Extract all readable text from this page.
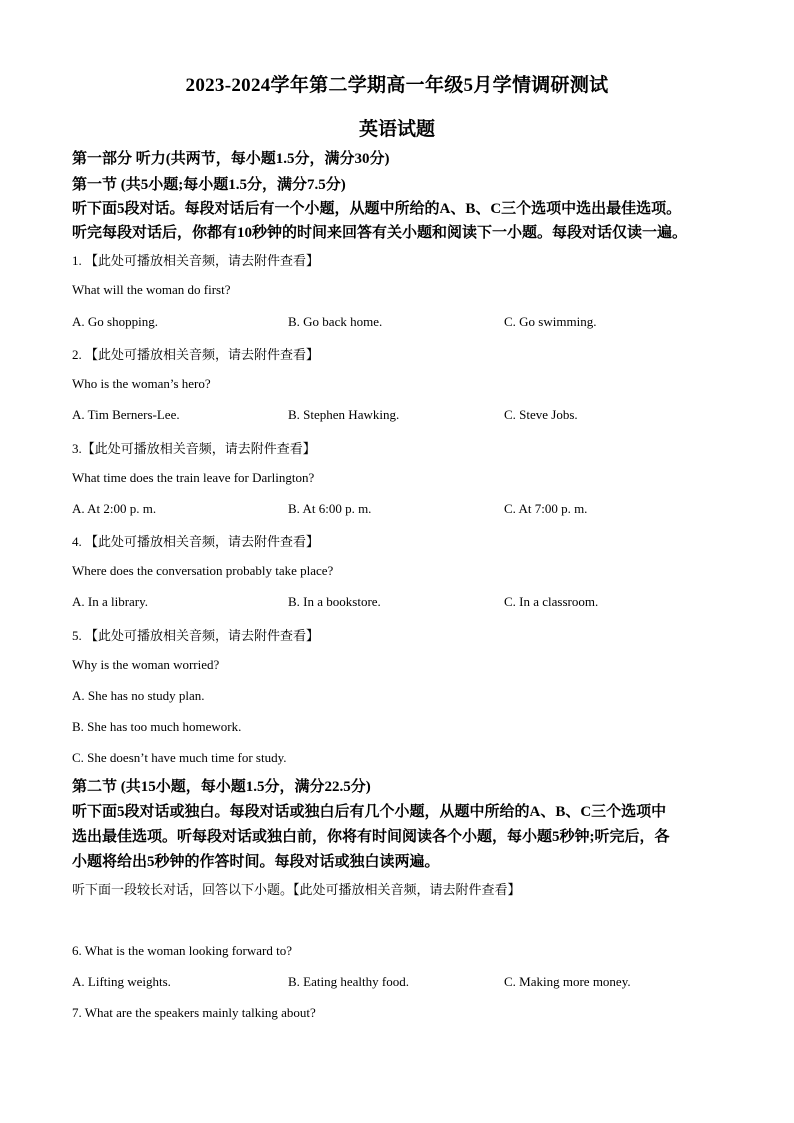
2023-2024学年第二学期高一年级5月学情调研测试
英语试题
第一部分 听力(共两节，每小题1.5分，满分30分)
第一节 (共5小题;每小题1.5分，满分7.5分)
听下面5段对话。每段对话后有一个小题，从题中所给的A、B、C三个选项中选出最佳选项。
听完每段对话后，你都有10秒钟的时间来回答有关小题和阅读下一小题。每段对话仅读一遍。
1. 【此处可播放相关音频，请去附件查看】
What will the woman do first?
A. Go shopping.	B. Go back home.	C. Go swimming.
2. 【此处可播放相关音频，请去附件查看】
Who is the woman’s hero?
A. Tim Berners-Lee.	B. Stephen Hawking.	C. Steve Jobs.
3.【此处可播放相关音频，请去附件查看】
What time does the train leave for Darlington?
A. At 2:00 p. m.	B. At 6:00 p. m.	C. At 7:00 p. m.
4. 【此处可播放相关音频，请去附件查看】
Where does the conversation probably take place?
A. In a library.	B. In a bookstore.	C. In a classroom.
5. 【此处可播放相关音频，请去附件查看】
Why is the woman worried?
A. She has no study plan.
B. She has too much homework.
C. She doesn’t have much time for study.
第二节 (共15小题，每小题1.5分，满分22.5分)
听下面5段对话或独白。每段对话或独白后有几个小题，从题中所给的A、B、C三个选项中
选出最佳选项。听每段对话或独白前，你将有时间阅读各个小题，每小题5秒钟;听完后，各
小题将给出5秒钟的作答时间。每段对话或独白读两遍。
听下面一段较长对话，回答以下小题。【此处可播放相关音频，请去附件查看】
6. What is the woman looking forward to?
A. Lifting weights.	B. Eating healthy food.	C. Making more money.
7. What are the speakers mainly talking about?
